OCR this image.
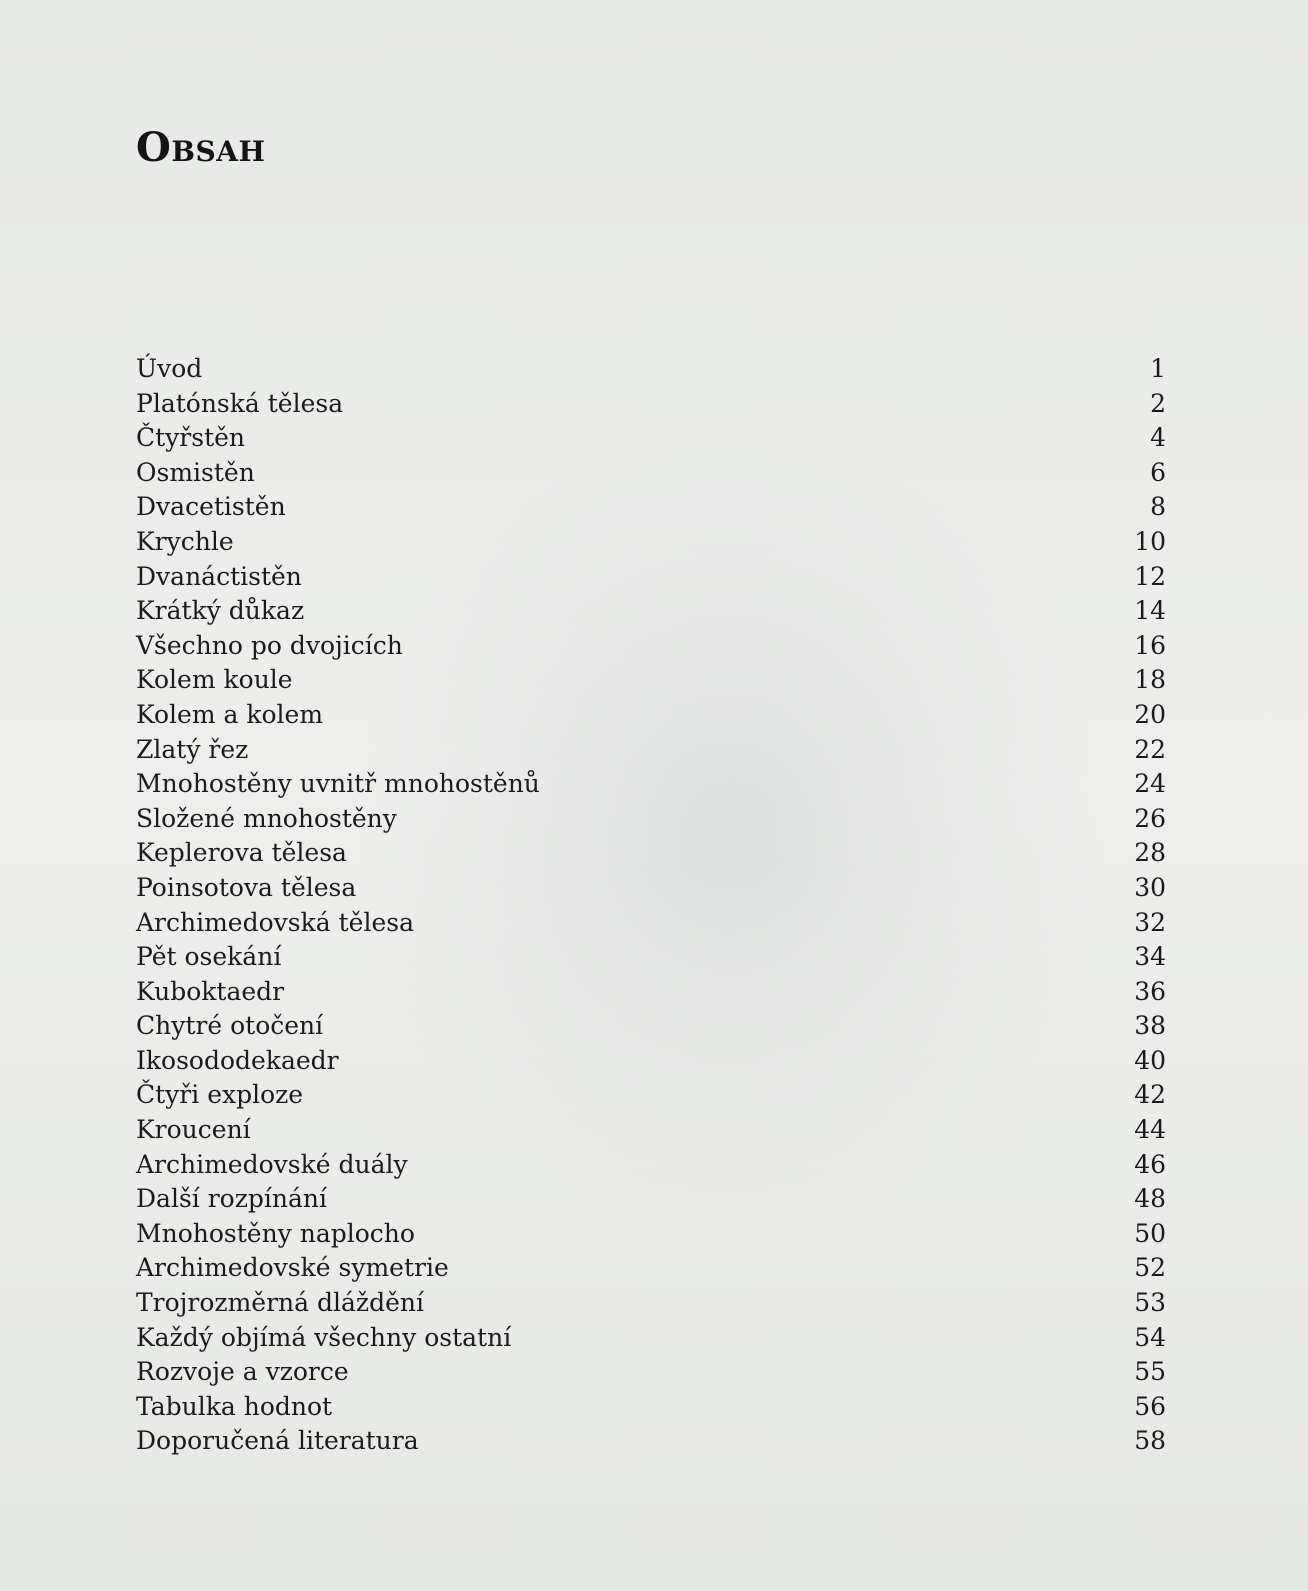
Obsah
Úvod	1
Platónská tělesa	2
Čtyřstěn	4
Osmistěn	6
Dvacetistěn	8
Krychle	10
Dvanáctistěn	12
Krátký důkaz	14
Všechno po dvojicích	16
Kolem koule	18
Kolem a kolem	20
Zlatý řez	22
Mnohostěny uvnitř mnohostěnů	24
Složené mnohostěny	26
Keplerova tělesa	28
Poinsotova tělesa	30
Archimedovská tělesa	32
Pět osekání	34
Kuboktaedr	36
Chytré otočení	38
Ikosododekaedr	40
Čtyři exploze	42
Kroucení	44
Archimedovské duály	46
Další rozpínání	48
Mnohostěny naplocho	50
Archimedovské symetrie	52
Trojrozměrná dláždění	53
Každý objímá všechny ostatní	54
Rozvoje a vzorce	55
Tabulka hodnot	56
Doporučená literatura	58
